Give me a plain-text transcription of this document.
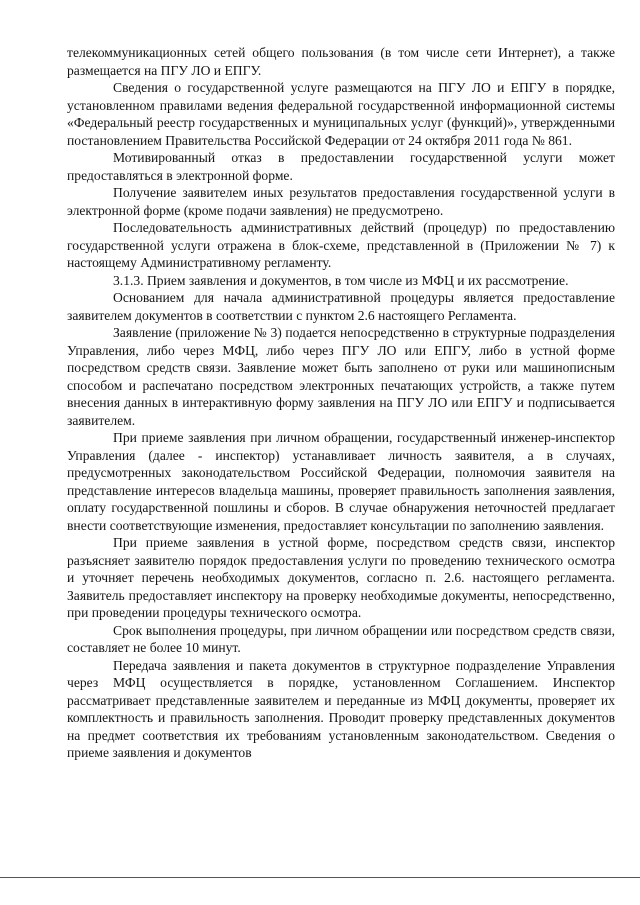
телекоммуникационных сетей общего пользования (в том числе сети Интернет), а также размещается на ПГУ ЛО и ЕПГУ.

Сведения о государственной услуге размещаются на ПГУ ЛО и ЕПГУ в порядке, установленном правилами ведения федеральной государственной информационной системы «Федеральный реестр государственных и муниципальных услуг (функций)», утвержденными постановлением Правительства Российской Федерации от 24 октября 2011 года № 861.

Мотивированный отказ в предоставлении государственной услуги может предоставляться в электронной форме.

Получение заявителем иных результатов предоставления государственной услуги в электронной форме (кроме подачи заявления) не предусмотрено.

Последовательность административных действий (процедур) по предоставлению государственной услуги отражена в блок-схеме, представленной в (Приложении № 7) к настоящему Административному регламенту.

3.1.3. Прием заявления и документов, в том числе из МФЦ и их рассмотрение.

Основанием для начала административной процедуры является предоставление заявителем документов в соответствии с пунктом 2.6 настоящего Регламента.

Заявление (приложение № 3) подается непосредственно в структурные подразделения Управления, либо через МФЦ, либо через ПГУ ЛО или ЕПГУ, либо в устной форме посредством средств связи. Заявление может быть заполнено от руки или машинописным способом и распечатано посредством электронных печатающих устройств, а также путем внесения данных в интерактивную форму заявления на ПГУ ЛО или ЕПГУ и подписывается заявителем.

При приеме заявления при личном обращении, государственный инженер-инспектор Управления (далее - инспектор) устанавливает личность заявителя, а в случаях, предусмотренных законодательством Российской Федерации, полномочия заявителя на представление интересов владельца машины, проверяет правильность заполнения заявления, оплату государственной пошлины и сборов. В случае обнаружения неточностей предлагает внести соответствующие изменения, предоставляет консультации по заполнению заявления.

При приеме заявления в устной форме, посредством средств связи, инспектор разъясняет заявителю порядок предоставления услуги по проведению технического осмотра и уточняет перечень необходимых документов, согласно п. 2.6. настоящего регламента. Заявитель предоставляет инспектору на проверку необходимые документы, непосредственно, при проведении процедуры технического осмотра.

Срок выполнения процедуры, при личном обращении или посредством средств связи, составляет не более 10 минут.

Передача заявления и пакета документов в структурное подразделение Управления через МФЦ осуществляется в порядке, установленном Соглашением. Инспектор рассматривает представленные заявителем и переданные из МФЦ документы, проверяет их комплектность и правильность заполнения. Проводит проверку представленных документов на предмет соответствия их требованиям установленным законодательством. Сведения о приеме заявления и документов
